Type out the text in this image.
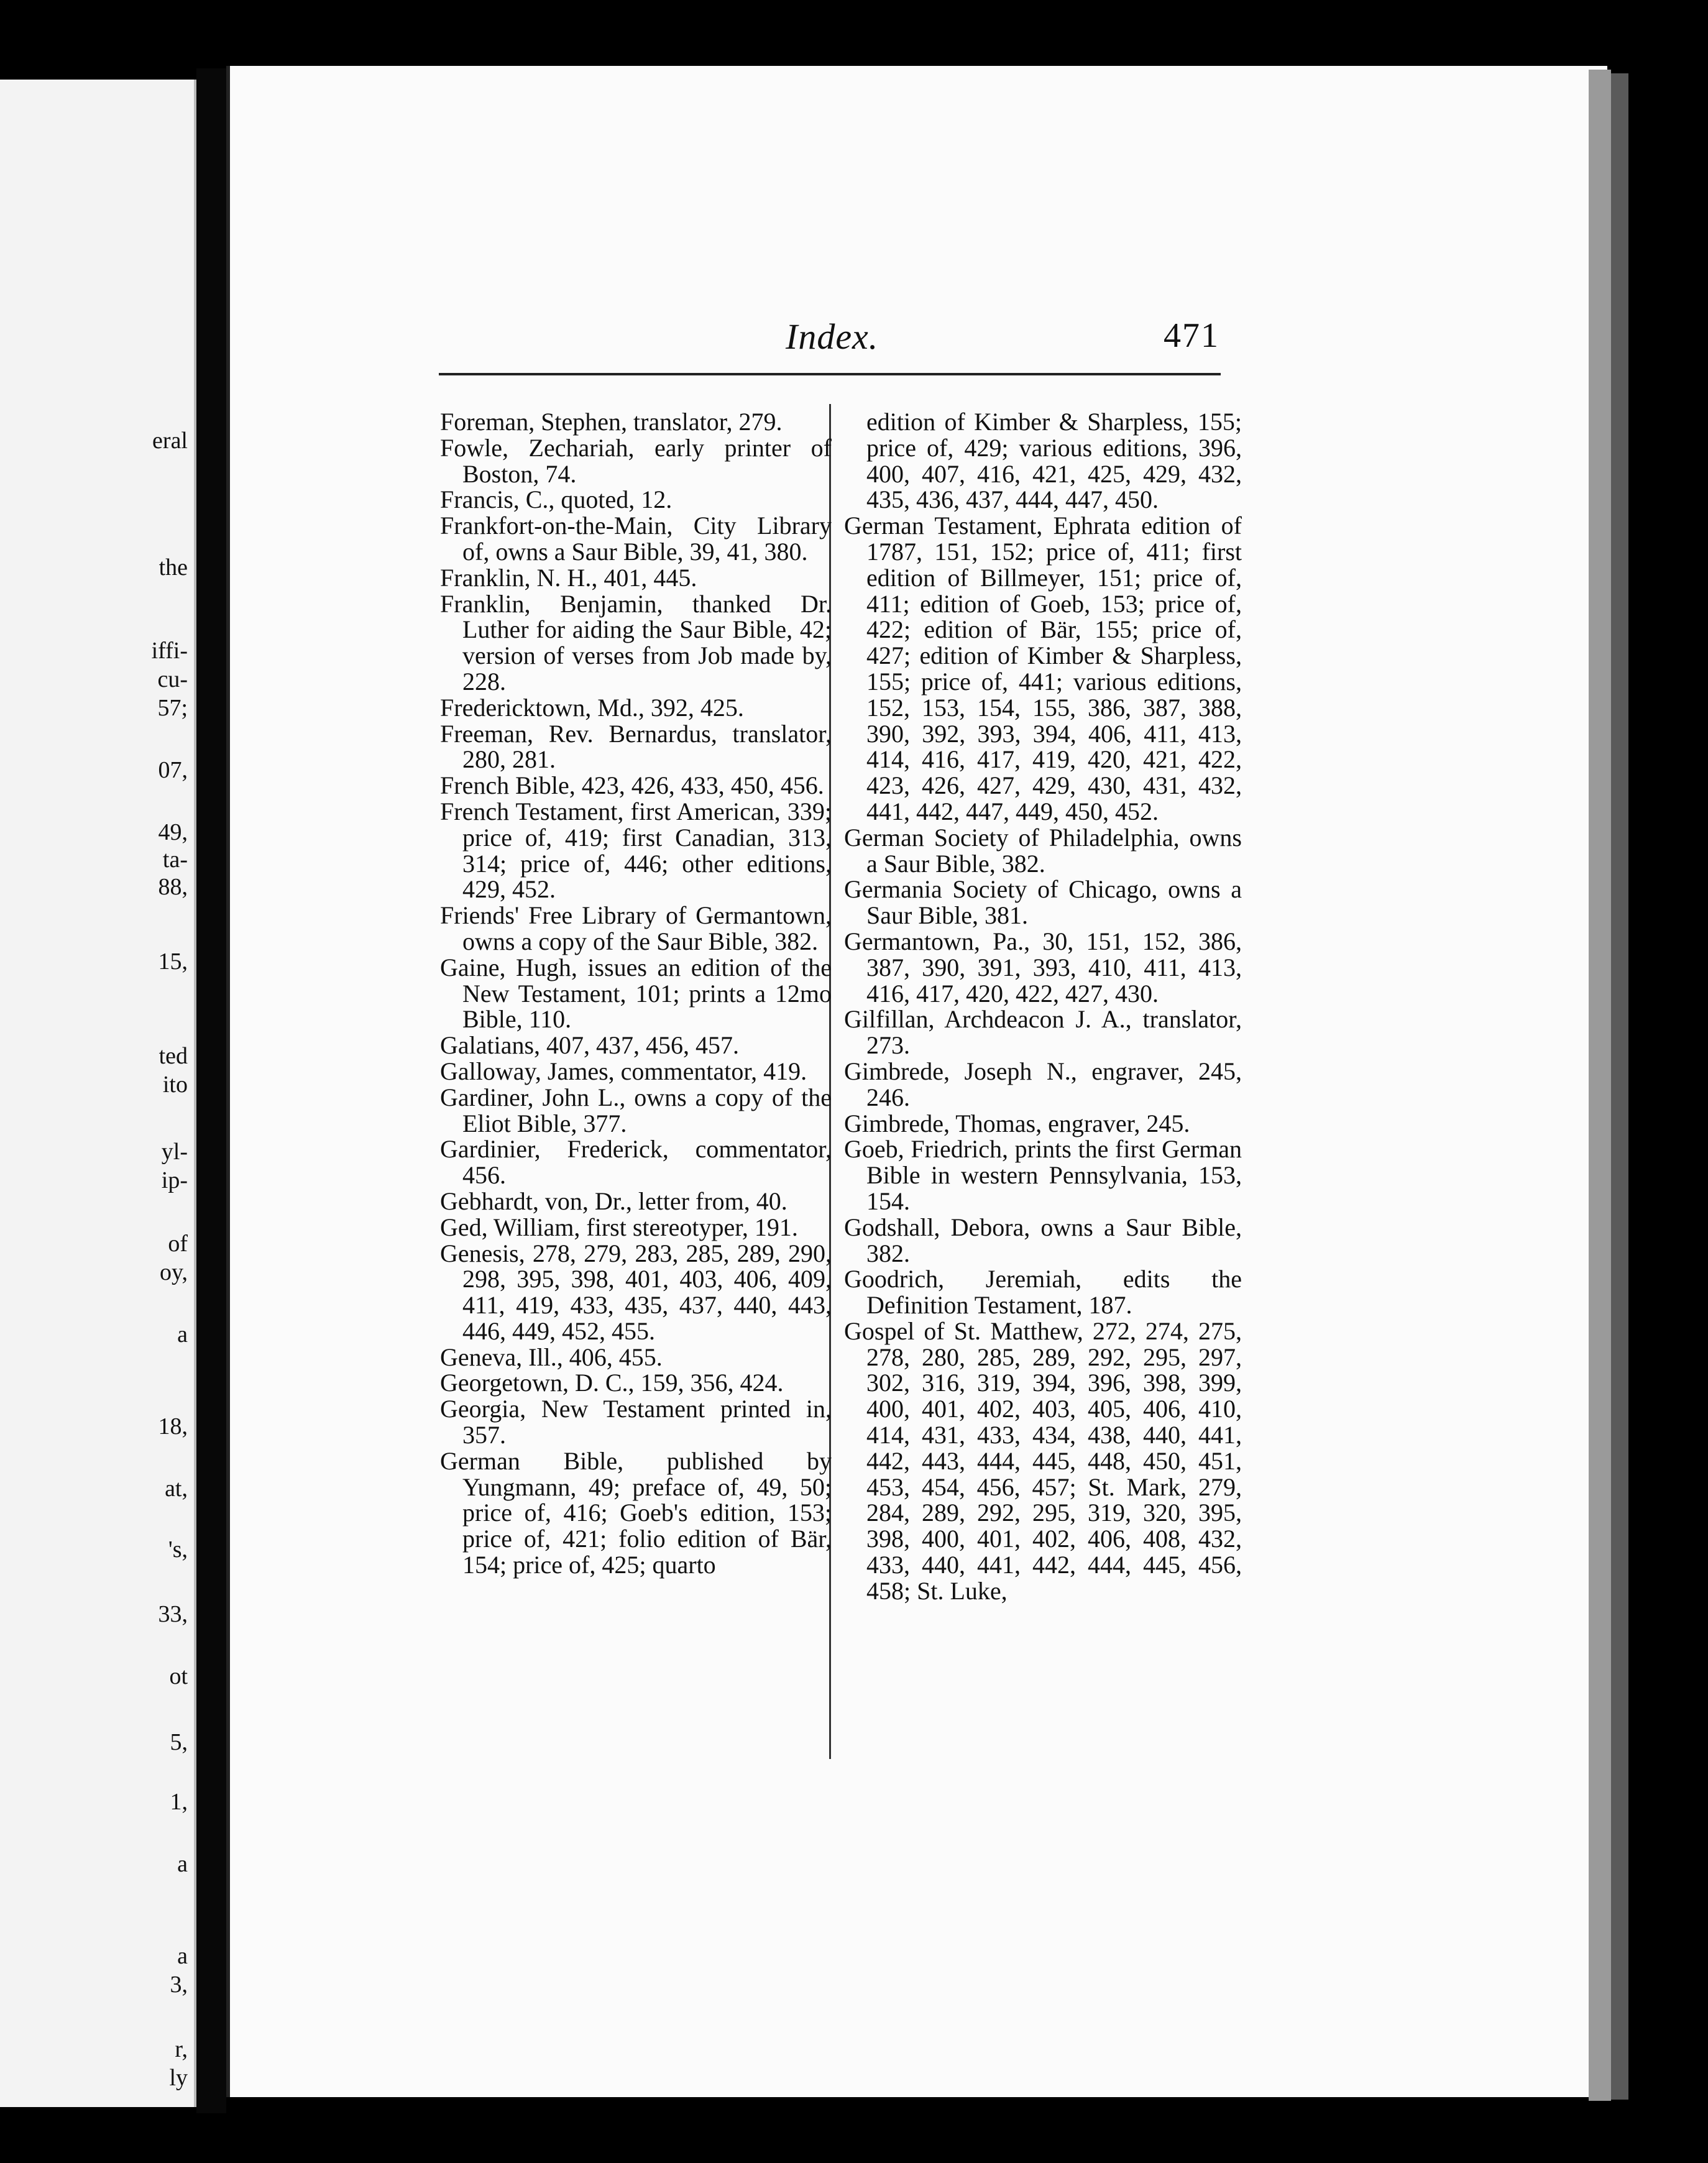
eral
the
iffi-
cu-
57;
07,
49,
ta-
88,
15,
ted
ito
yl-
ip-
of
oy,
a
18,
at,
's,
33,
ot
5,
1,
a
a
3,
r,
ly
Index.	471
Foreman, Stephen, translator, 279.
Fowle, Zechariah, early printer of Boston, 74.
Francis, C., quoted, 12.
Frankfort-on-the-Main, City Library of, owns a Saur Bible, 39, 41, 380.
Franklin, N. H., 401, 445.
Franklin, Benjamin, thanked Dr. Luther for aiding the Saur Bible, 42; version of verses from Job made by, 228.
Fredericktown, Md., 392, 425.
Freeman, Rev. Bernardus, translator, 280, 281.
French Bible, 423, 426, 433, 450, 456.
French Testament, first American, 339; price of, 419; first Canadian, 313, 314; price of, 446; other editions, 429, 452.
Friends' Free Library of Germantown, owns a copy of the Saur Bible, 382.
Gaine, Hugh, issues an edition of the New Testament, 101; prints a 12mo Bible, 110.
Galatians, 407, 437, 456, 457.
Galloway, James, commentator, 419.
Gardiner, John L., owns a copy of the Eliot Bible, 377.
Gardinier, Frederick, commentator, 456.
Gebhardt, von, Dr., letter from, 40.
Ged, William, first stereotyper, 191.
Genesis, 278, 279, 283, 285, 289, 290, 298, 395, 398, 401, 403, 406, 409, 411, 419, 433, 435, 437, 440, 443, 446, 449, 452, 455.
Geneva, Ill., 406, 455.
Georgetown, D. C., 159, 356, 424.
Georgia, New Testament printed in, 357.
German Bible, published by Yungmann, 49; preface of, 49, 50; price of, 416; Goeb's edition, 153; price of, 421; folio edition of Bär, 154; price of, 425; quarto
edition of Kimber & Sharpless, 155; price of, 429; various editions, 396, 400, 407, 416, 421, 425, 429, 432, 435, 436, 437, 444, 447, 450.
German Testament, Ephrata edition of 1787, 151, 152; price of, 411; first edition of Billmeyer, 151; price of, 411; edition of Goeb, 153; price of, 422; edition of Bär, 155; price of, 427; edition of Kimber & Sharpless, 155; price of, 441; various editions, 152, 153, 154, 155, 386, 387, 388, 390, 392, 393, 394, 406, 411, 413, 414, 416, 417, 419, 420, 421, 422, 423, 426, 427, 429, 430, 431, 432, 441, 442, 447, 449, 450, 452.
German Society of Philadelphia, owns a Saur Bible, 382.
Germania Society of Chicago, owns a Saur Bible, 381.
Germantown, Pa., 30, 151, 152, 386, 387, 390, 391, 393, 410, 411, 413, 416, 417, 420, 422, 427, 430.
Gilfillan, Archdeacon J. A., translator, 273.
Gimbrede, Joseph N., engraver, 245, 246.
Gimbrede, Thomas, engraver, 245.
Goeb, Friedrich, prints the first German Bible in western Pennsylvania, 153, 154.
Godshall, Debora, owns a Saur Bible, 382.
Goodrich, Jeremiah, edits the Definition Testament, 187.
Gospel of St. Matthew, 272, 274, 275, 278, 280, 285, 289, 292, 295, 297, 302, 316, 319, 394, 396, 398, 399, 400, 401, 402, 403, 405, 406, 410, 414, 431, 433, 434, 438, 440, 441, 442, 443, 444, 445, 448, 450, 451, 453, 454, 456, 457; St. Mark, 279, 284, 289, 292, 295, 319, 320, 395, 398, 400, 401, 402, 406, 408, 432, 433, 440, 441, 442, 444, 445, 456, 458; St. Luke,
